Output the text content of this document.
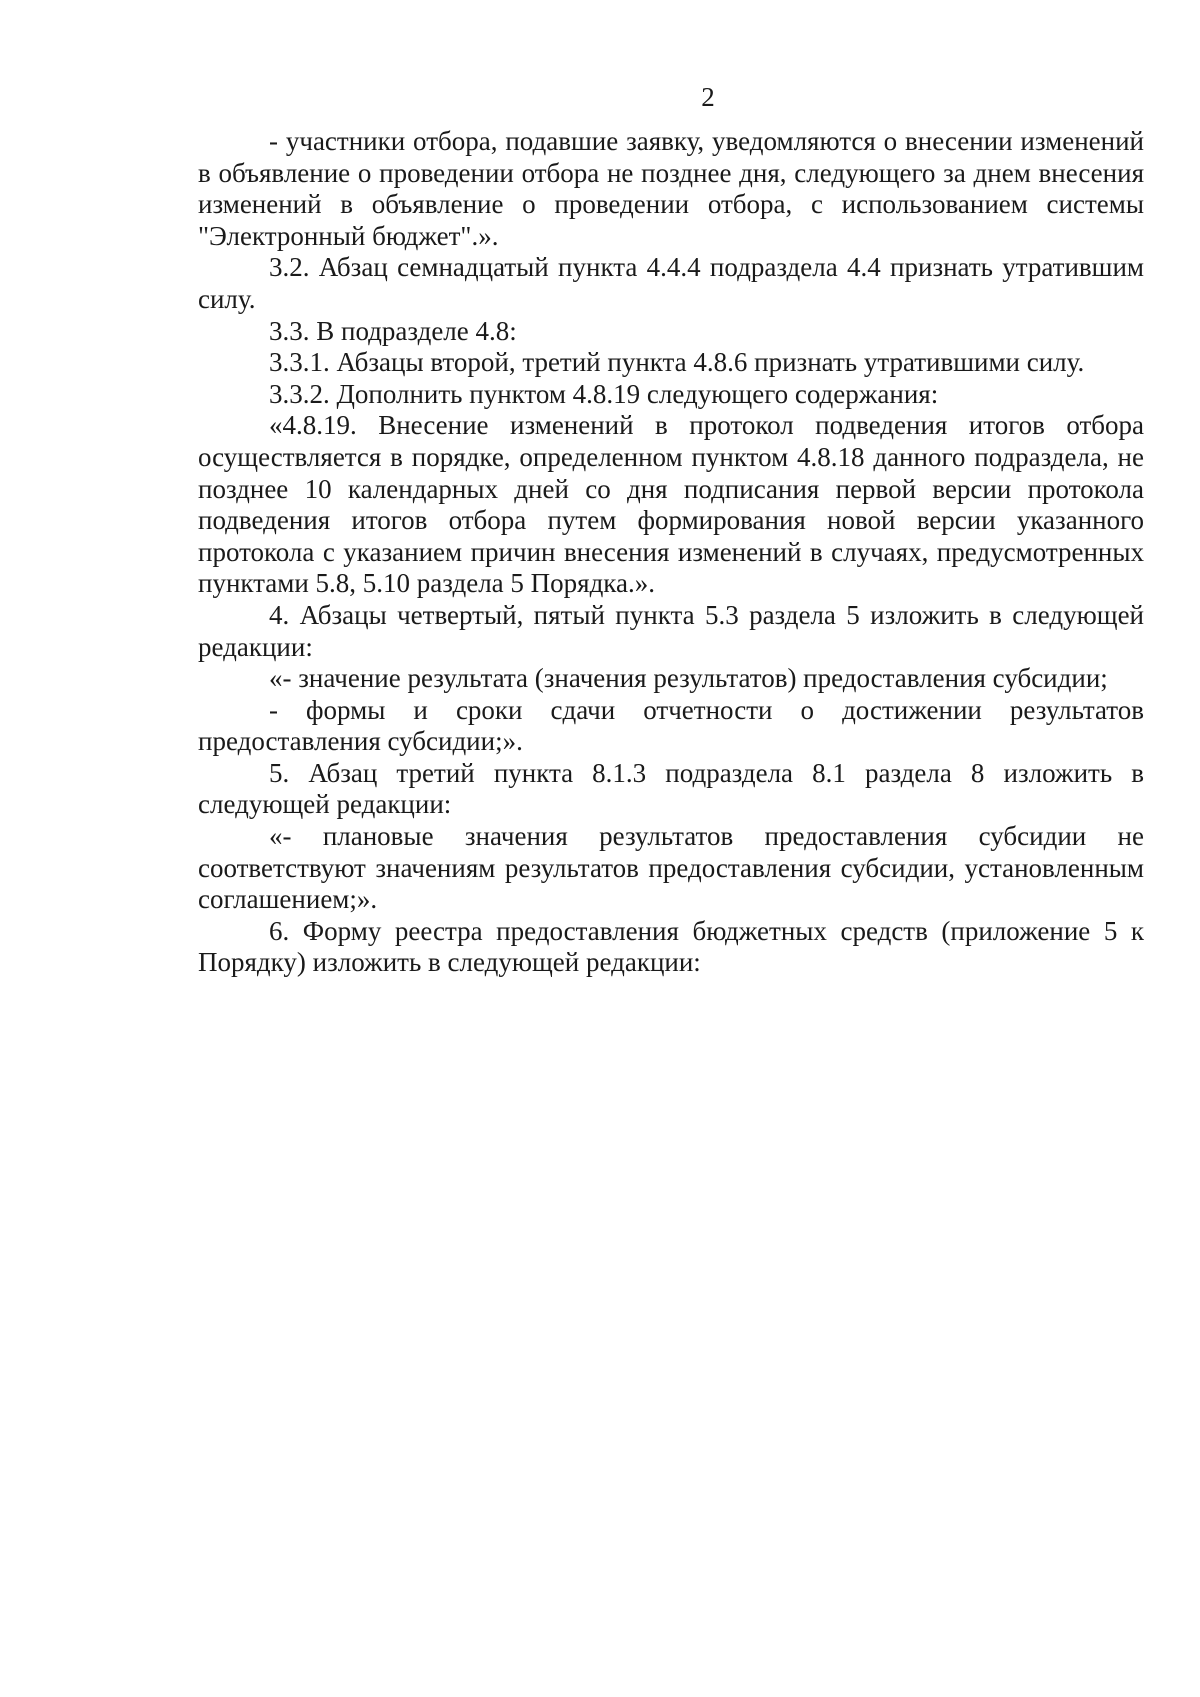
2

- участники отбора, подавшие заявку, уведомляются о внесении изменений в объявление о проведении отбора не позднее дня, следующего за днем внесения изменений в объявление о проведении отбора, с использованием системы "Электронный бюджет".».

3.2. Абзац семнадцатый пункта 4.4.4 подраздела 4.4 признать утратившим силу.

3.3. В подразделе 4.8:

3.3.1. Абзацы второй, третий пункта 4.8.6 признать утратившими силу.

3.3.2. Дополнить пунктом 4.8.19 следующего содержания:

«4.8.19. Внесение изменений в протокол подведения итогов отбора осуществляется в порядке, определенном пунктом 4.8.18 данного подраздела, не позднее 10 календарных дней со дня подписания первой версии протокола подведения итогов отбора путем формирования новой версии указанного протокола с указанием причин внесения изменений в случаях, предусмотренных пунктами 5.8, 5.10 раздела 5 Порядка.».

4. Абзацы четвертый, пятый пункта 5.3 раздела 5 изложить в следующей редакции:

«- значение результата (значения результатов) предоставления субсидии;

- формы и сроки сдачи отчетности о достижении результатов предоставления субсидии;».

5. Абзац третий пункта 8.1.3 подраздела 8.1 раздела 8 изложить в следующей редакции:

«- плановые значения результатов предоставления субсидии не соответствуют значениям результатов предоставления субсидии, установленным соглашением;».

6. Форму реестра предоставления бюджетных средств (приложение 5 к Порядку) изложить в следующей редакции:
